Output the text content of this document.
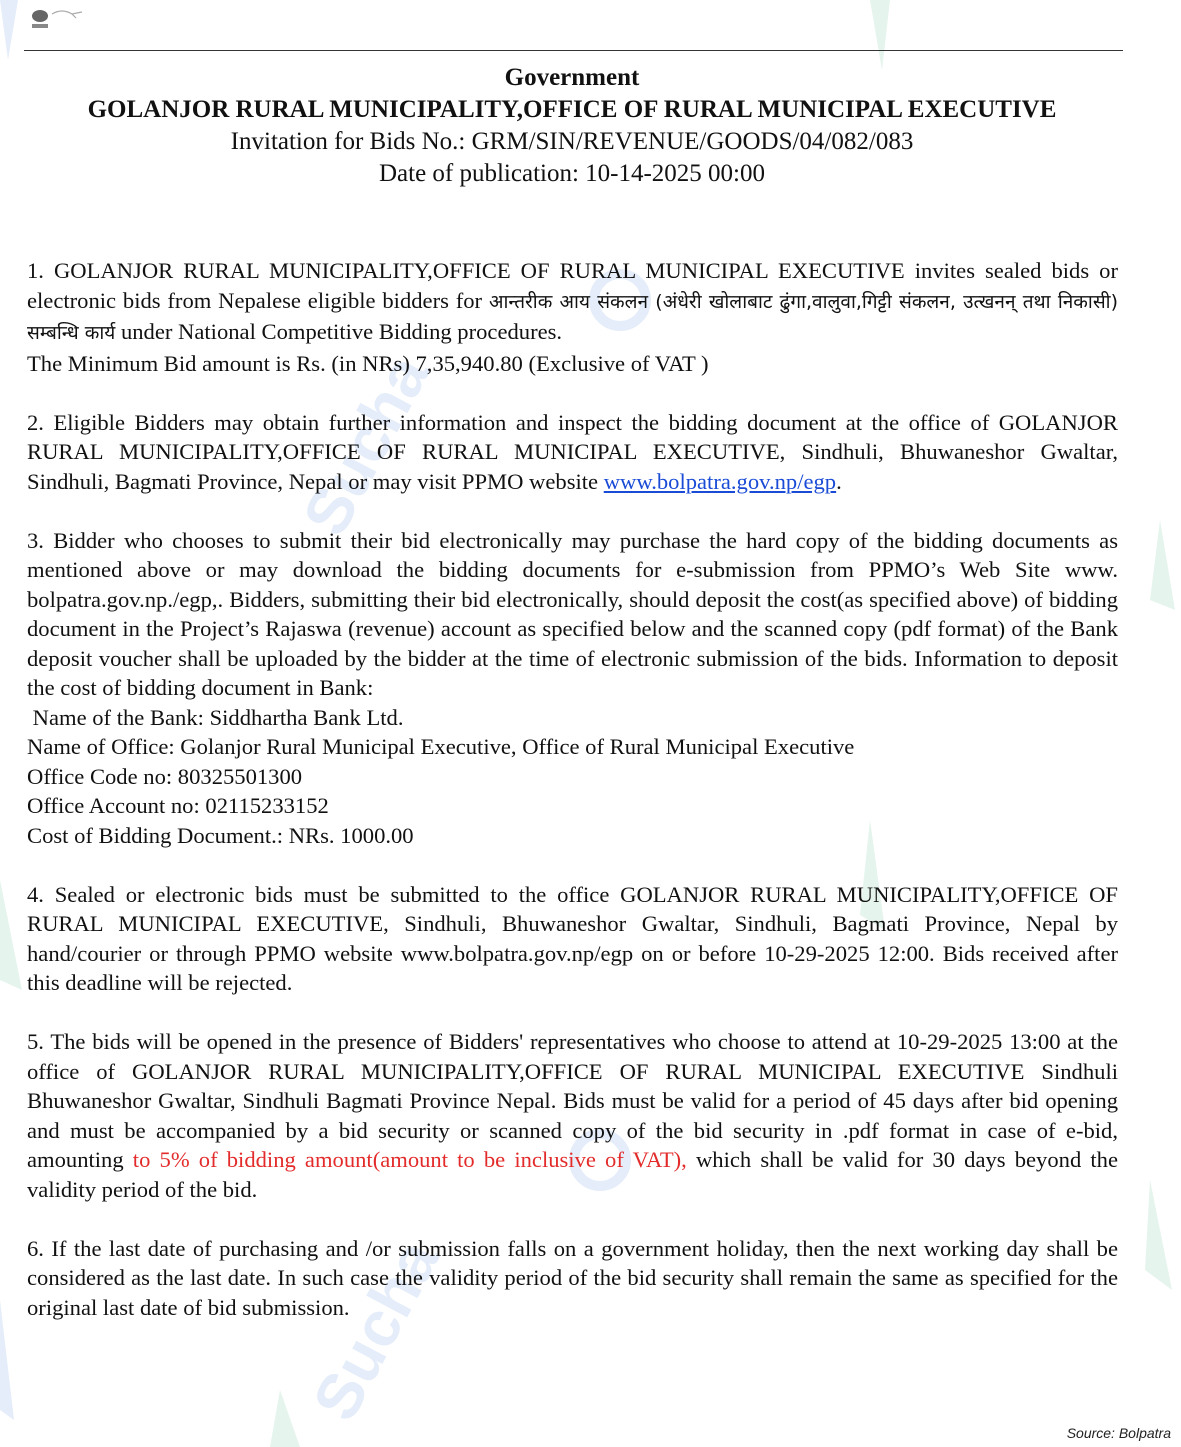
Sucha
Sucha
Government
GOLANJOR RURAL MUNICIPALITY,OFFICE OF RURAL MUNICIPAL EXECUTIVE
Invitation for Bids No.: GRM/SIN/REVENUE/GOODS/04/082/083
Date of publication: 10-14-2025 00:00

1. GOLANJOR RURAL MUNICIPALITY,OFFICE OF RURAL MUNICIPAL EXECUTIVE invites sealed bids or electronic bids from Nepalese eligible bidders for आन्तरीक आय संकलन (अंधेरी खोलाबाट ढुंगा,वालुवा,गिट्टी संकलन, उत्खनन् तथा निकासी) सम्बन्धि कार्य under National Competitive Bidding procedures.
The Minimum Bid amount is Rs. (in NRs) 7,35,940.80 (Exclusive of VAT )

2. Eligible Bidders may obtain further information and inspect the bidding document at the office of GOLANJOR RURAL MUNICIPALITY,OFFICE OF RURAL MUNICIPAL EXECUTIVE, Sindhuli, Bhuwaneshor Gwaltar, Sindhuli, Bagmati Province, Nepal or may visit PPMO website www.bolpatra.gov.np/egp.

3. Bidder who chooses to submit their bid electronically may purchase the hard copy of the bidding documents as mentioned above or may download the bidding documents for e-submission from PPMO’s Web Site www. bolpatra.gov.np./egp,. Bidders, submitting their bid electronically, should deposit the cost(as specified above) of bidding document in the Project’s Rajaswa (revenue) account as specified below and the scanned copy (pdf format) of the Bank deposit voucher shall be uploaded by the bidder at the time of electronic submission of the bids. Information to deposit the cost of bidding document in Bank:
Name of the Bank: Siddhartha Bank Ltd.
Name of Office: Golanjor Rural Municipal Executive, Office of Rural Municipal Executive
Office Code no: 80325501300
Office Account no: 02115233152
Cost of Bidding Document.: NRs. 1000.00

4. Sealed or electronic bids must be submitted to the office GOLANJOR RURAL MUNICIPALITY,OFFICE OF RURAL MUNICIPAL EXECUTIVE, Sindhuli, Bhuwaneshor Gwaltar, Sindhuli, Bagmati Province, Nepal by hand/courier or through PPMO website www.bolpatra.gov.np/egp on or before 10-29-2025 12:00. Bids received after this deadline will be rejected.

5. The bids will be opened in the presence of Bidders' representatives who choose to attend at 10-29-2025 13:00 at the office of GOLANJOR RURAL MUNICIPALITY,OFFICE OF RURAL MUNICIPAL EXECUTIVE Sindhuli Bhuwaneshor Gwaltar, Sindhuli Bagmati Province Nepal. Bids must be valid for a period of 45 days after bid opening and must be accompanied by a bid security or scanned copy of the bid security in .pdf format in case of e-bid, amounting to 5% of bidding amount(amount to be inclusive of VAT), which shall be valid for 30 days beyond the validity period of the bid.

6. If the last date of purchasing and /or submission falls on a government holiday, then the next working day shall be considered as the last date. In such case the validity period of the bid security shall remain the same as specified for the original last date of bid submission.

Source: Bolpatra
